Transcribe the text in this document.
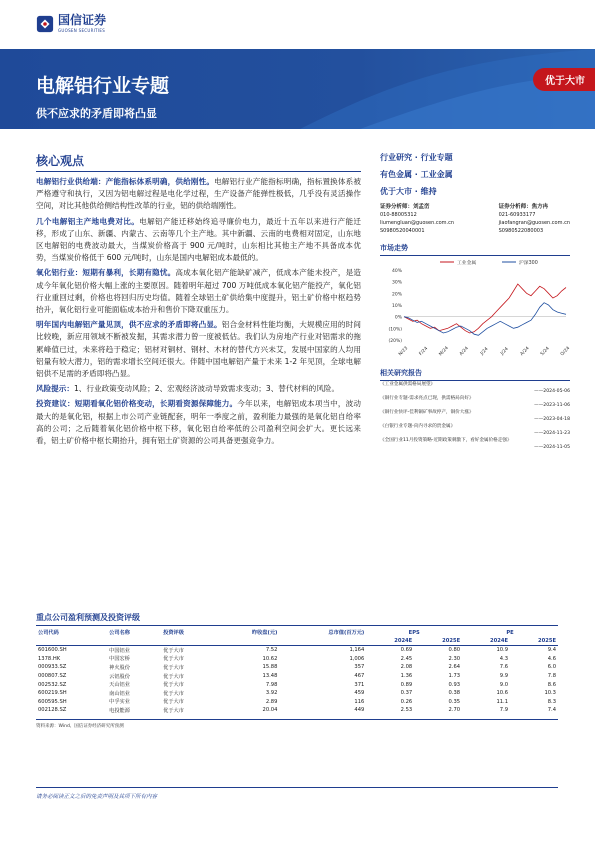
国信证券
GUOSEN SECURITIES
电解铝行业专题
供不应求的矛盾即将凸显
优于大市
核心观点
电解铝行业供给端：产能指标体系明确，供给刚性。电解铝行业产能指标明确，指标置换体系被严格遵守和执行，又因为铝电解过程是电化学过程，生产设备产能弹性极低，几乎没有灵活操作空间，对比其他供给侧结构性改革的行业，铝的供给端刚性。
几个电解铝主产地电费对比。电解铝产能迁移始终追寻廉价电力，最近十五年以来进行产能迁移，形成了山东、新疆、内蒙古、云南等几个主产地。其中新疆、云南的电费相对固定，山东地区电解铝的电费波动最大，当煤炭价格高于 900 元/吨时，山东相比其他主产地不具备成本优势，当煤炭价格低于 600 元/吨时，山东是国内电解铝成本最低的。
氧化铝行业：短期有暴利，长期有隐忧。高成本氧化铝产能缺矿减产，低成本产能未投产，是造成今年氧化铝价格大幅上涨的主要原因。随着明年超过 700 万吨低成本氧化铝产能投产，氧化铝行业重回过剩，价格也将回归历史均值。随着全球铝土矿供给集中度提升，铝土矿价格中枢趋势抬升，氧化铝行业可能面临成本抬升和售价下降双重压力。
明年国内电解铝产量见顶，供不应求的矛盾即将凸显。铝合金材料性能均衡，大规模应用的时间比较晚，新应用领域不断被发掘，其需求潜力曾一度被低估。我们认为房地产行业对铝需求的拖累峰值已过，未来将趋于稳定；铝材对铜材、钢材、木材的替代方兴未艾，发展中国家的人均用铝量有较大潜力，铝的需求增长空间还很大。伴随中国电解铝产量于未来 1-2 年见顶，全球电解铝供不足需的矛盾即将凸显。
风险提示：1、行业政策变动风险；2、宏观经济波动导致需求变动；3、替代材料的风险。
投资建议：短期看氧化铝价格变动，长期看资源保障能力。今年以来，电解铝成本项当中，波动最大的是氧化铝，根据上市公司产业链配套，明年一季度之前，盈利能力最强的是氧化铝自给率高的公司；之后随着氧化铝价格中枢下移，氧化铝自给率低的公司盈利空间会扩大。更长远来看，铝土矿价格中枢长期抬升，拥有铝土矿资源的公司具备更强竞争力。
行业研究 · 行业专题
有色金属 · 工业金属
优于大市 · 维持
证券分析师：刘孟峦
010-88005312
liumengluan@guosen.com.cn
S0980520040001
证券分析师：焦方冉
021-60933177
jiaofangran@guosen.com.cn
S0980522080003
市场走势
40%
30%
20%
10%
0%
(10%)
(20%)
N/23 F/24 M/24 A/24	J/24	J/24 A/24 S/24 O/24
工业金属	沪深300
相关研究报告
《工业金属供需格局展望》
——2024-05-06
《铜行业专题-需求亮点已现，供需格局向好》
——2023-11-06
《铜行业快评-佳利铜矿事故停产，铜价大涨》
——2023-04-18
《白银行业专题-向内寻求的贵金属》
——2024-11-23
《全国行业11月投资策略-近期政策刺激下，看好金属价格走强》
——2024-11-05
重点公司盈利预测及投资评级
公司代码	公司名称	投资评级	昨收盘(元)	总市值(百万元)	EPS		PE	
					2024E	2025E	2024E	2025E
601600.SH	中国铝业	优于大市	7.52	1,164	0.69	0.80	10.9	9.4
1378.HK	中国宏桥	优于大市	10.62	1,006	2.45	2.30	4.3	4.6
000933.SZ	神火股份	优于大市	15.88	357	2.08	2.64	7.6	6.0
000807.SZ	云铝股份	优于大市	13.48	467	1.36	1.73	9.9	7.8
002532.SZ	天山铝业	优于大市	7.98	371	0.89	0.93	9.0	8.6
600219.SH	南山铝业	优于大市	3.92	459	0.37	0.38	10.6	10.3
600595.SH	中孚实业	优于大市	2.89	116	0.26	0.35	11.1	8.3
002128.SZ	电投能源	优于大市	20.04	449	2.53	2.70	7.9	7.4
资料来源：Wind、国信证券经济研究所预测
请务必阅读正文之后的免责声明及其项下所有内容
